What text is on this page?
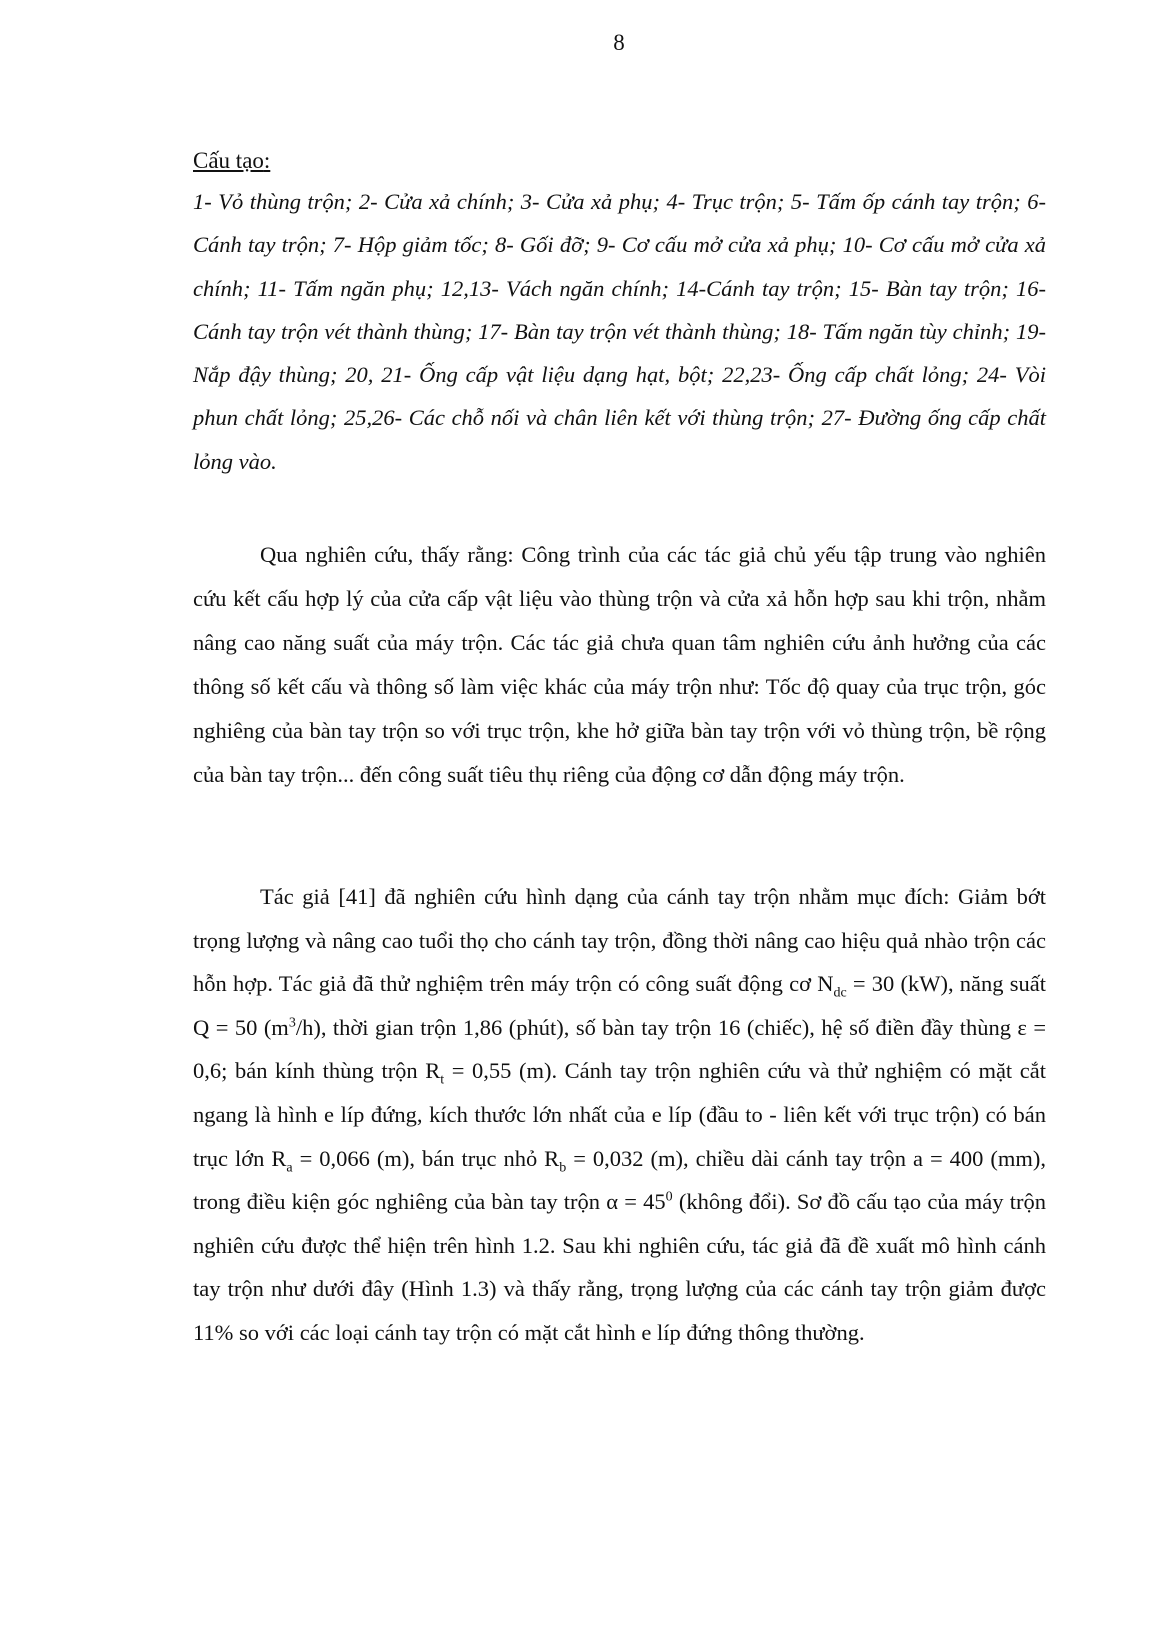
8
Cấu tạo:

1- Vỏ thùng trộn; 2- Cửa xả chính; 3- Cửa xả phụ; 4- Trục trộn; 5- Tấm ốp cánh tay trộn; 6- Cánh tay trộn; 7- Hộp giảm tốc; 8- Gối đỡ; 9- Cơ cấu mở cửa xả phụ; 10- Cơ cấu mở cửa xả chính; 11- Tấm ngăn phụ; 12,13- Vách ngăn chính; 14-Cánh tay trộn; 15- Bàn tay trộn; 16- Cánh tay trộn vét thành thùng; 17- Bàn tay trộn vét thành thùng; 18- Tấm ngăn tùy chỉnh; 19- Nắp đậy thùng; 20, 21- Ống cấp vật liệu dạng hạt, bột; 22,23- Ống cấp chất lỏng; 24- Vòi phun chất lỏng; 25,26- Các chỗ nối và chân liên kết với thùng trộn; 27- Đường ống cấp chất lỏng vào.

Qua nghiên cứu, thấy rằng: Công trình của các tác giả chủ yếu tập trung vào nghiên cứu kết cấu hợp lý của cửa cấp vật liệu vào thùng trộn và cửa xả hỗn hợp sau khi trộn, nhằm nâng cao năng suất của máy trộn. Các tác giả chưa quan tâm nghiên cứu ảnh hưởng của các thông số kết cấu và thông số làm việc khác của máy trộn như: Tốc độ quay của trục trộn, góc nghiêng của bàn tay trộn so với trục trộn, khe hở giữa bàn tay trộn với vỏ thùng trộn, bề rộng của bàn tay trộn... đến công suất tiêu thụ riêng của động cơ dẫn động máy trộn.

Tác giả [41] đã nghiên cứu hình dạng của cánh tay trộn nhằm mục đích: Giảm bớt trọng lượng và nâng cao tuổi thọ cho cánh tay trộn, đồng thời nâng cao hiệu quả nhào trộn các hỗn hợp. Tác giả đã thử nghiệm trên máy trộn có công suất động cơ $N_{dc} = 30$ (kW), năng suất Q = 50 $(m^3/h)$, thời gian trộn 1,86 (phút), số bàn tay trộn 16 (chiếc), hệ số điền đầy thùng ε = 0,6; bán kính thùng trộn $R_t = 0,55$ (m). Cánh tay trộn nghiên cứu và thử nghiệm có mặt cắt ngang là hình e líp đứng, kích thước lớn nhất của e líp (đầu to - liên kết với trục trộn) có bán trục lớn $R_a = 0,066$ (m), bán trục nhỏ $R_b = 0,032$ (m), chiều dài cánh tay trộn a = 400 (mm), trong điều kiện góc nghiêng của bàn tay trộn $\alpha = 45^0$ (không đổi). Sơ đồ cấu tạo của máy trộn nghiên cứu được thể hiện trên hình 1.2. Sau khi nghiên cứu, tác giả đã đề xuất mô hình cánh tay trộn như dưới đây (Hình 1.3) và thấy rằng, trọng lượng của các cánh tay trộn giảm được 11% so với các loại cánh tay trộn có mặt cắt hình e líp đứng thông thường.
